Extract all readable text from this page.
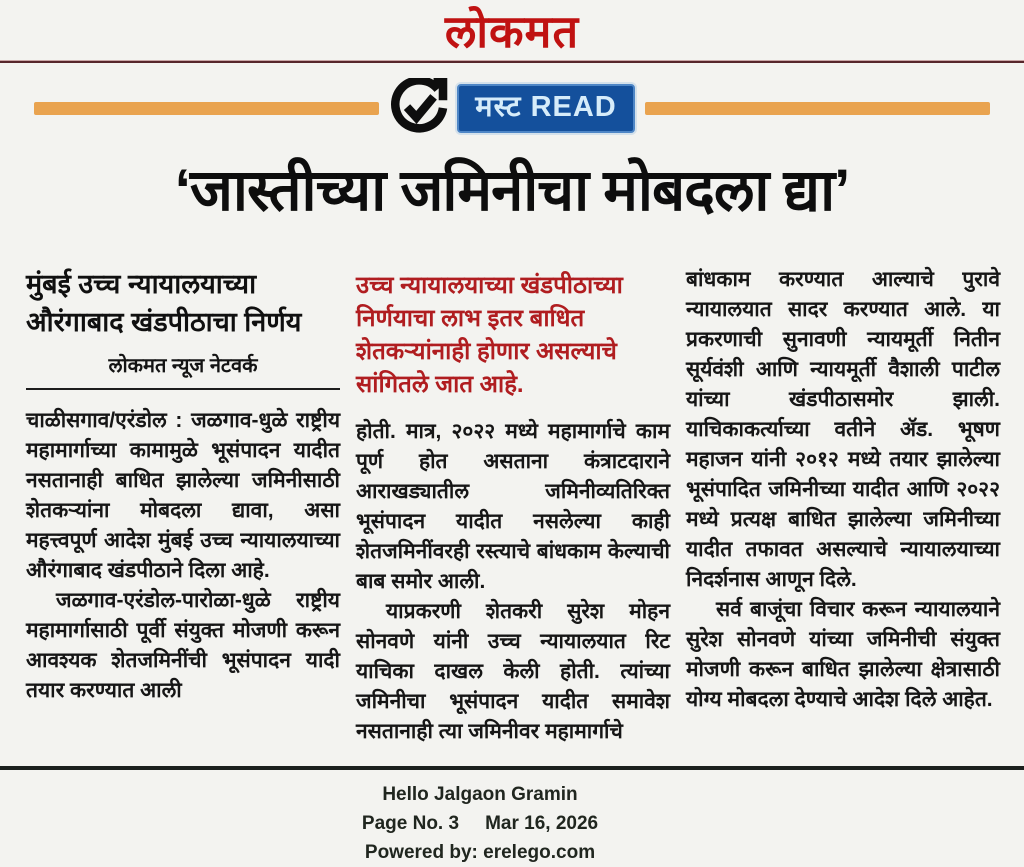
लोकमत
मस्ट READ
‘जास्तीच्या जमिनीचा मोबदला द्या’
मुंबई उच्च न्यायालयाच्या औरंगाबाद खंडपीठाचा निर्णय
लोकमत न्यूज नेटवर्क

चाळीसगाव/एरंडोल : जळगाव-धुळे राष्ट्रीय महामार्गाच्या कामामुळे भूसंपादन यादीत नसतानाही बाधित झालेल्या जमिनीसाठी शेतकऱ्यांना मोबदला द्यावा, असा महत्त्वपूर्ण आदेश मुंबई उच्च न्यायालयाच्या औरंगाबाद खंडपीठाने दिला आहे.

जळगाव-एरंडोल-पारोळा-धुळे राष्ट्रीय महामार्गासाठी पूर्वी संयुक्त मोजणी करून आवश्यक शेतजमिनींची भूसंपादन यादी तयार करण्यात आली

उच्च न्यायालयाच्या खंडपीठाच्या निर्णयाचा लाभ इतर बाधित शेतकऱ्यांनाही होणार असल्याचे सांगितले जात आहे.

होती. मात्र, २०२२ मध्ये महामार्गाचे काम पूर्ण होत असताना कंत्राटदाराने आराखड्यातील जमिनीव्यतिरिक्त भूसंपादन यादीत नसलेल्या काही शेतजमिनींवरही रस्त्याचे बांधकाम केल्याची बाब समोर आली.

याप्रकरणी शेतकरी सुरेश मोहन सोनवणे यांनी उच्च न्यायालयात रिट याचिका दाखल केली होती. त्यांच्या जमिनीचा भूसंपादन यादीत समावेश नसतानाही त्या जमिनीवर महामार्गाचे

बांधकाम करण्यात आल्याचे पुरावे न्यायालयात सादर करण्यात आले. या प्रकरणाची सुनावणी न्यायमूर्ती नितीन सूर्यवंशी आणि न्यायमूर्ती वैशाली पाटील यांच्या खंडपीठासमोर झाली. याचिकाकर्त्याच्या वतीने ॲड. भूषण महाजन यांनी २०१२ मध्ये तयार झालेल्या भूसंपादित जमिनीच्या यादीत आणि २०२२ मध्ये प्रत्यक्ष बाधित झालेल्या जमिनीच्या यादीत तफावत असल्याचे न्यायालयाच्या निदर्शनास आणून दिले.

सर्व बाजूंचा विचार करून न्यायालयाने सुरेश सोनवणे यांच्या जमिनीची संयुक्त मोजणी करून बाधित झालेल्या क्षेत्रासाठी योग्य मोबदला देण्याचे आदेश दिले आहेत.

Hello Jalgaon Gramin
Page No. 3 Mar 16, 2026
Powered by: erelego.com
